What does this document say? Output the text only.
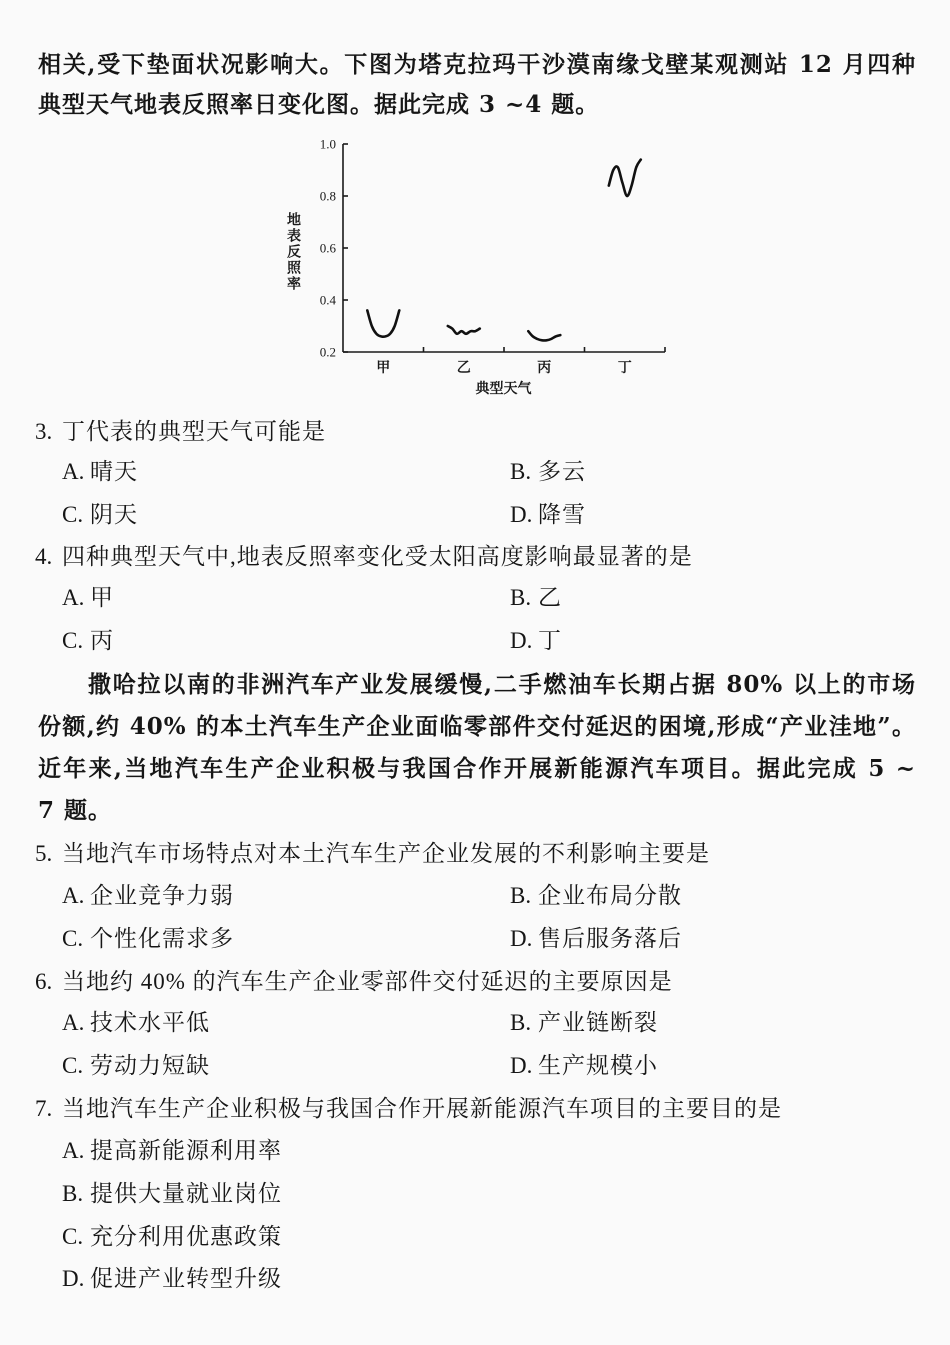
相关,受下垫面状况影响大。下图为塔克拉玛干沙漠南缘戈壁某观测站 12 月四种
典型天气地表反照率日变化图。据此完成 3 ~4 题。
地表反照率
0.2
0.4
0.6
0.8
1.0
甲	乙	丙	丁
典型天气
3. 丁代表的典型天气可能是
A. 晴天	B. 多云
C. 阴天	D. 降雪
4. 四种典型天气中,地表反照率变化受太阳高度影响最显著的是
A. 甲	B. 乙
C. 丙	D. 丁
撒哈拉以南的非洲汽车产业发展缓慢,二手燃油车长期占据 80% 以上的市场
份额,约 40% 的本土汽车生产企业面临零部件交付延迟的困境,形成“产业洼地”。
近年来,当地汽车生产企业积极与我国合作开展新能源汽车项目。据此完成 5 ~
7 题。
5. 当地汽车市场特点对本土汽车生产企业发展的不利影响主要是
A. 企业竞争力弱	B. 企业布局分散
C. 个性化需求多	D. 售后服务落后
6. 当地约 40% 的汽车生产企业零部件交付延迟的主要原因是
A. 技术水平低	B. 产业链断裂
C. 劳动力短缺	D. 生产规模小
7. 当地汽车生产企业积极与我国合作开展新能源汽车项目的主要目的是
A. 提高新能源利用率
B. 提供大量就业岗位
C. 充分利用优惠政策
D. 促进产业转型升级
